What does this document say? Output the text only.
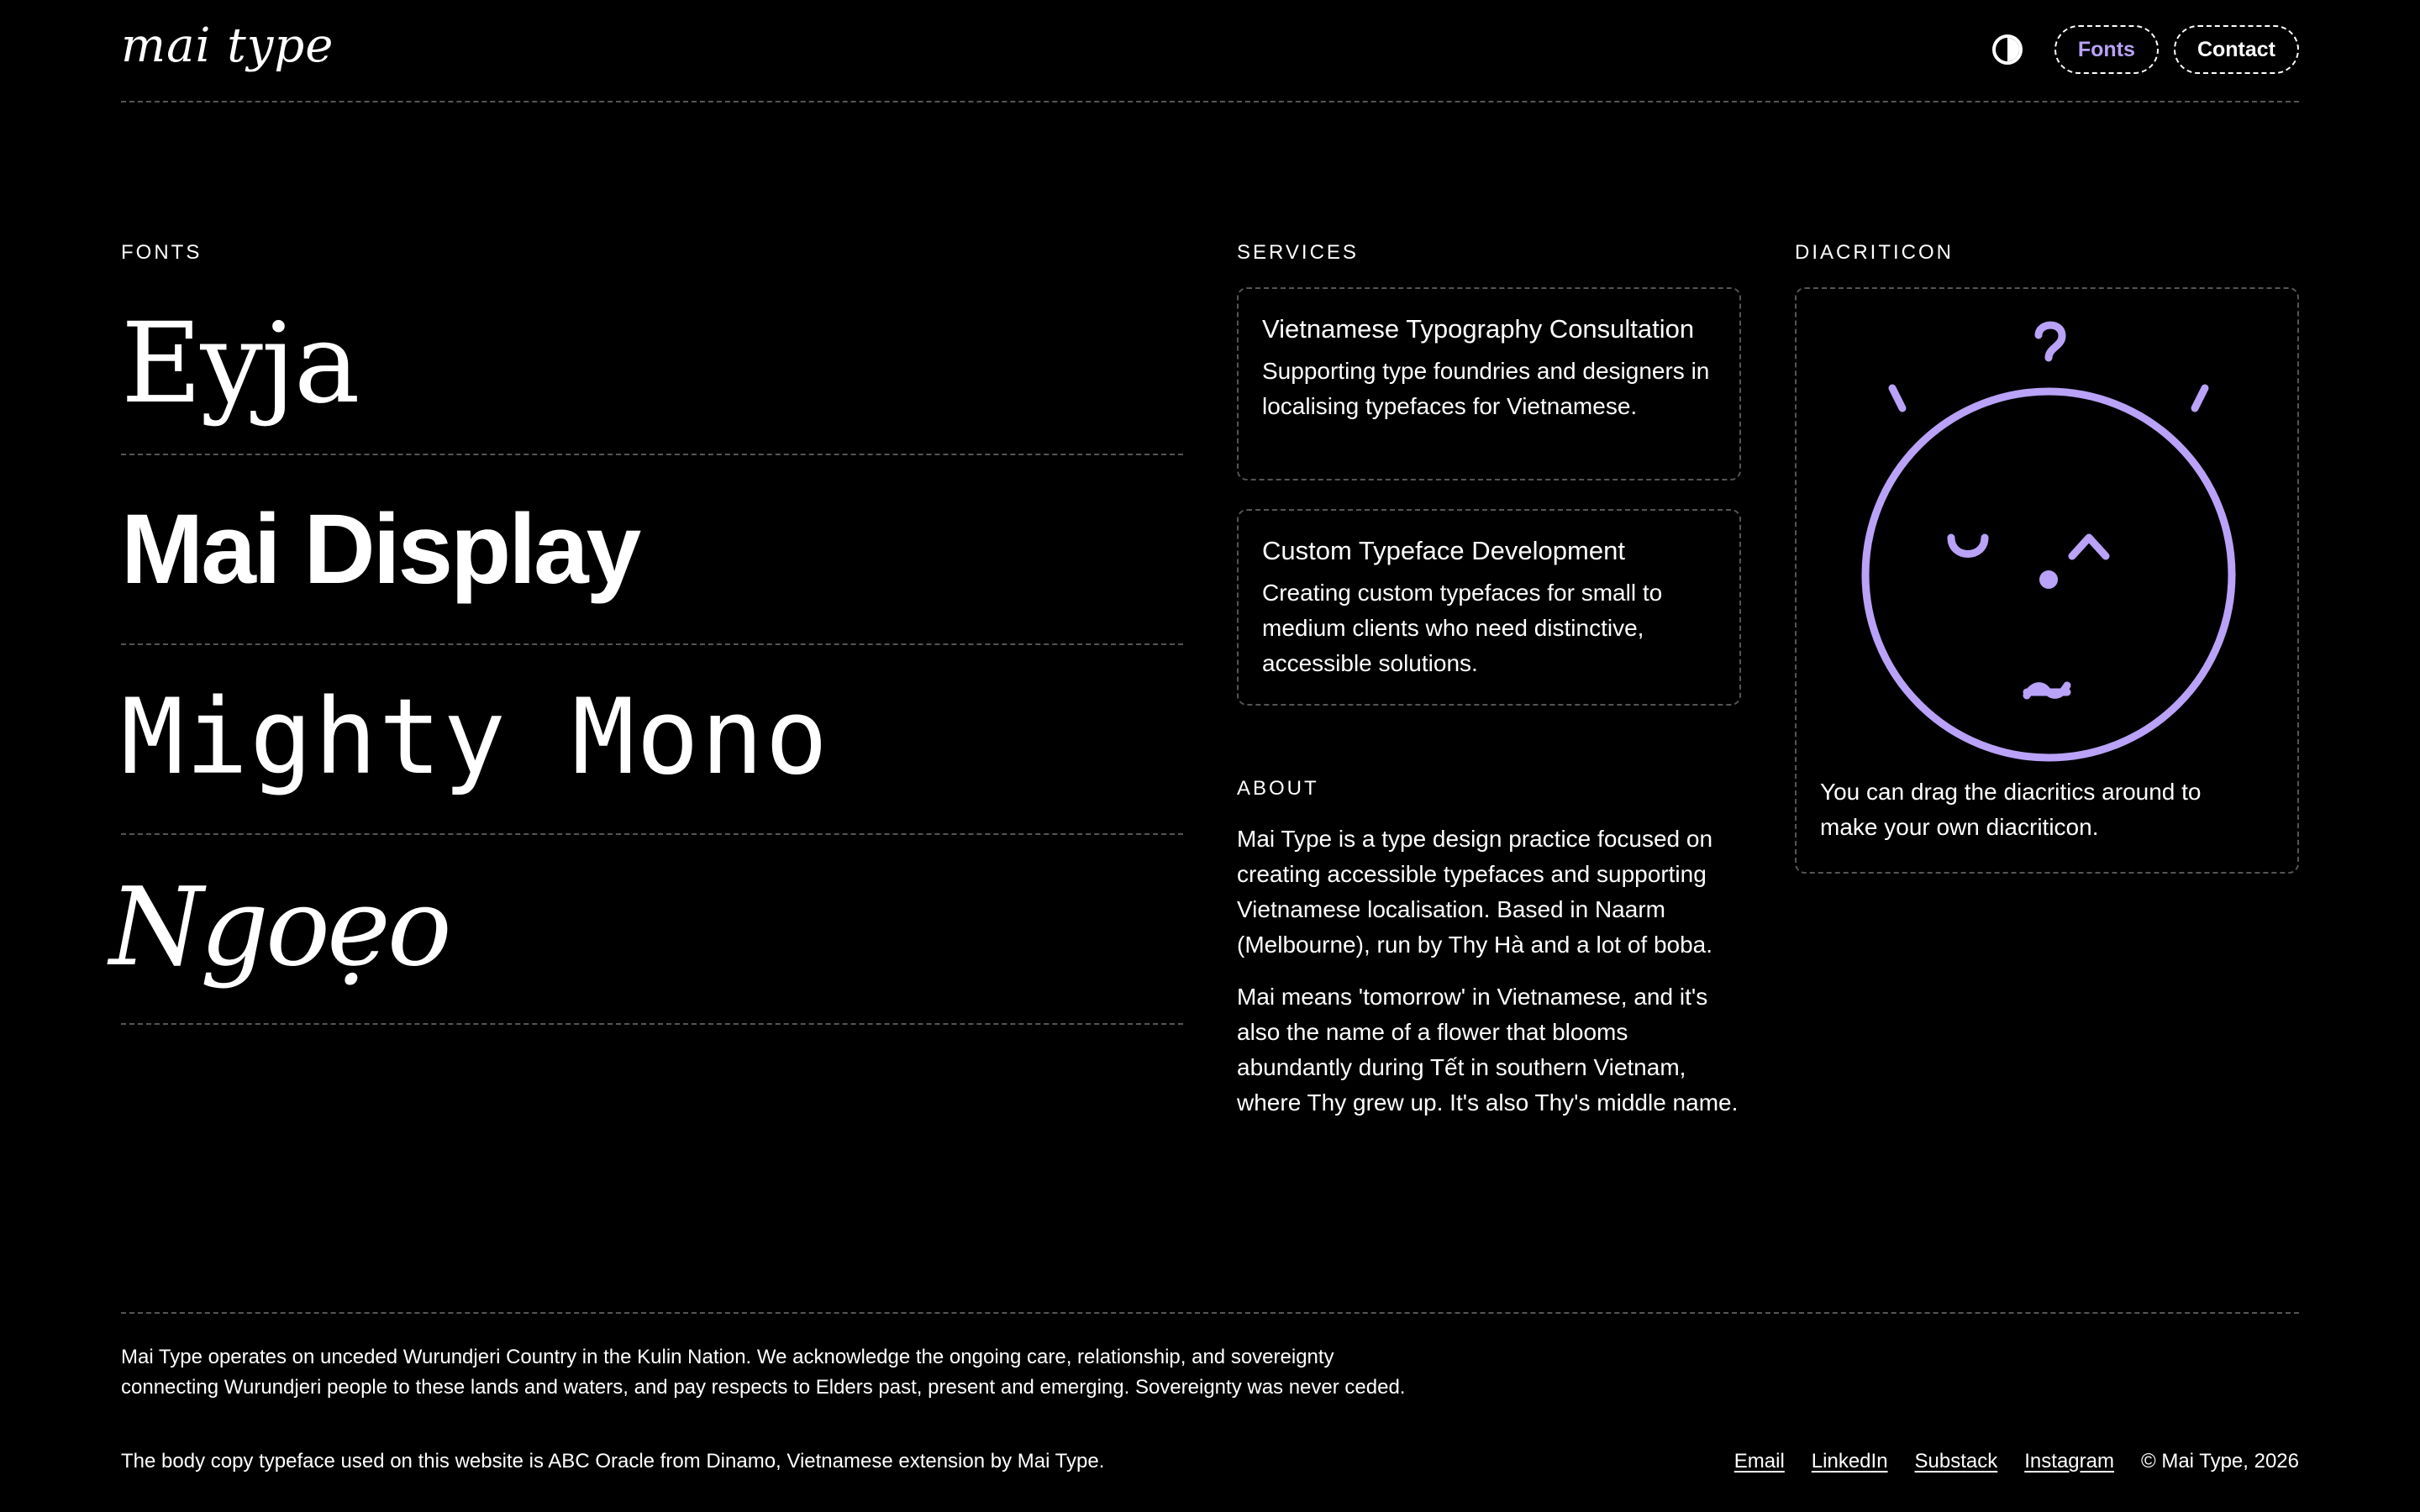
mai type	Fonts	Contact
FONTS
Eyja
Mai Display
Mighty Mono
Ngoẹo
SERVICES
Vietnamese Typography Consultation
Supporting type foundries and designers in localising typefaces for Vietnamese.
Custom Typeface Development
Creating custom typefaces for small to medium clients who need distinctive, accessible solutions.
ABOUT

Mai Type is a type design practice focused on creating accessible typefaces and supporting Vietnamese localisation. Based in Naarm (Melbourne), run by Thy Hà and a lot of boba.

Mai means 'tomorrow' in Vietnamese, and it's also the name of a flower that blooms abundantly during Tết in southern Vietnam, where Thy grew up. It's also Thy's middle name.

DIACRITICON
You can drag the diacritics around to make your own diacriticon.
Mai Type operates on unceded Wurundjeri Country in the Kulin Nation. We acknowledge the ongoing care, relationship, and sovereignty connecting Wurundjeri people to these lands and waters, and pay respects to Elders past, present and emerging. Sovereignty was never ceded.
The body copy typeface used on this website is ABC Oracle from Dinamo, Vietnamese extension by Mai Type.	Email LinkedIn Substack Instagram © Mai Type, 2026
